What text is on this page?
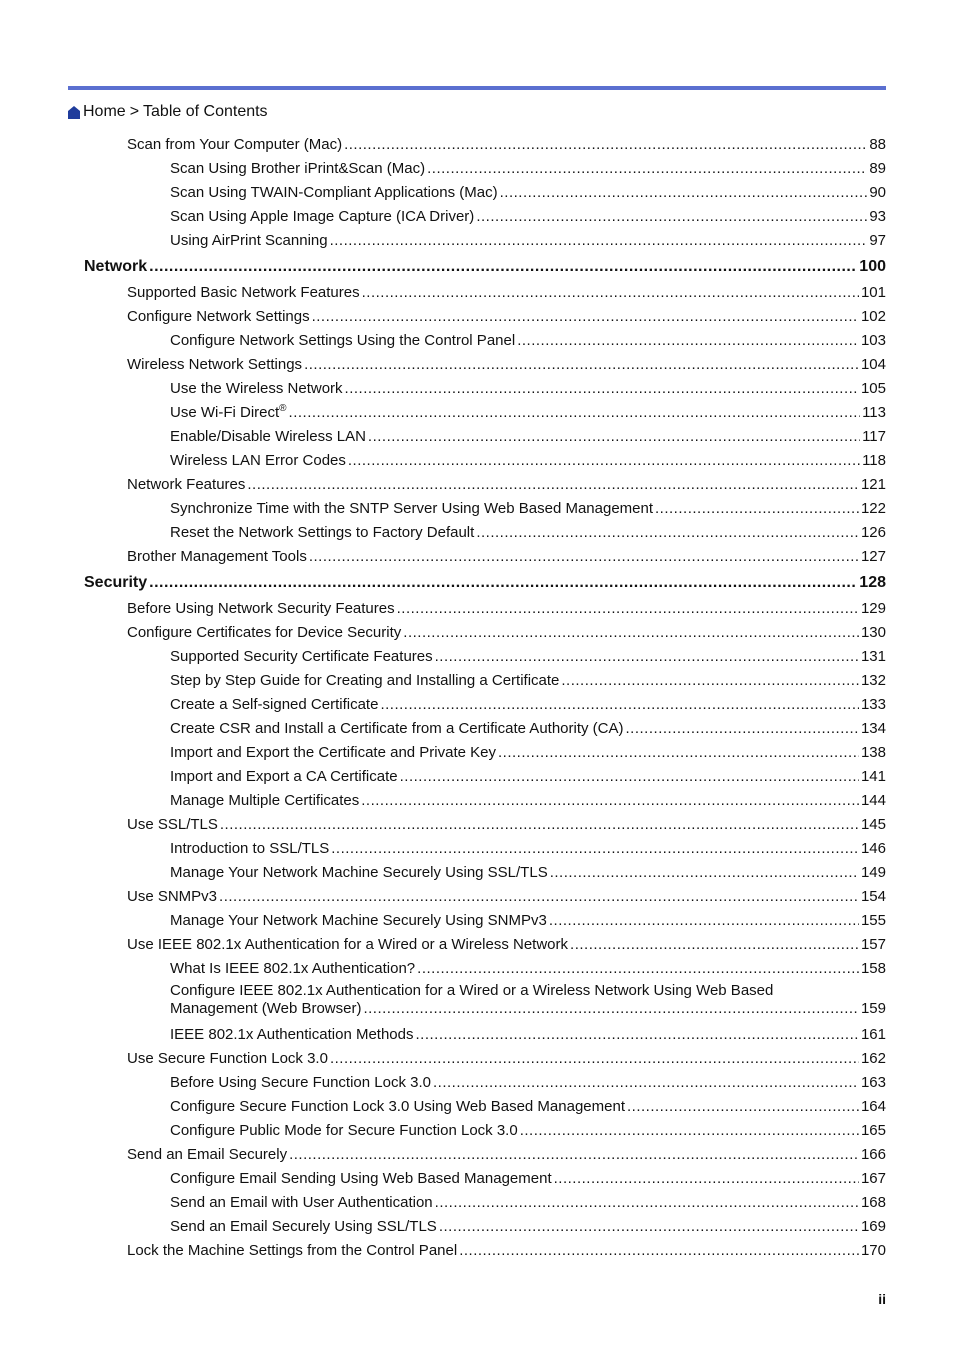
Home > Table of Contents
Scan from Your Computer (Mac) .....	88
Scan Using Brother iPrint&Scan (Mac) .....	89
Scan Using TWAIN-Compliant Applications (Mac) .....	90
Scan Using Apple Image Capture (ICA Driver) .....	93
Using AirPrint Scanning .....	97
Network .....	100
Supported Basic Network Features .....	101
Configure Network Settings .....	102
Configure Network Settings Using the Control Panel .....	103
Wireless Network Settings .....	104
Use the Wireless Network .....	105
Use Wi-Fi Direct® .....	113
Enable/Disable Wireless LAN .....	117
Wireless LAN Error Codes .....	118
Network Features .....	121
Synchronize Time with the SNTP Server Using Web Based Management .....	122
Reset the Network Settings to Factory Default .....	126
Brother Management Tools .....	127
Security .....	128
Before Using Network Security Features .....	129
Configure Certificates for Device Security .....	130
Supported Security Certificate Features .....	131
Step by Step Guide for Creating and Installing a Certificate .....	132
Create a Self-signed Certificate .....	133
Create CSR and Install a Certificate from a Certificate Authority (CA) .....	134
Import and Export the Certificate and Private Key .....	138
Import and Export a CA Certificate .....	141
Manage Multiple Certificates .....	144
Use SSL/TLS .....	145
Introduction to SSL/TLS .....	146
Manage Your Network Machine Securely Using SSL/TLS .....	149
Use SNMPv3 .....	154
Manage Your Network Machine Securely Using SNMPv3 .....	155
Use IEEE 802.1x Authentication for a Wired or a Wireless Network .....	157
What Is IEEE 802.1x Authentication? .....	158
Configure IEEE 802.1x Authentication for a Wired or a Wireless Network Using Web Based
Management (Web Browser) .....	159
IEEE 802.1x Authentication Methods .....	161
Use Secure Function Lock 3.0 .....	162
Before Using Secure Function Lock 3.0 .....	163
Configure Secure Function Lock 3.0 Using Web Based Management .....	164
Configure Public Mode for Secure Function Lock 3.0 .....	165
Send an Email Securely .....	166
Configure Email Sending Using Web Based Management .....	167
Send an Email with User Authentication .....	168
Send an Email Securely Using SSL/TLS .....	169
Lock the Machine Settings from the Control Panel .....	170
ii
